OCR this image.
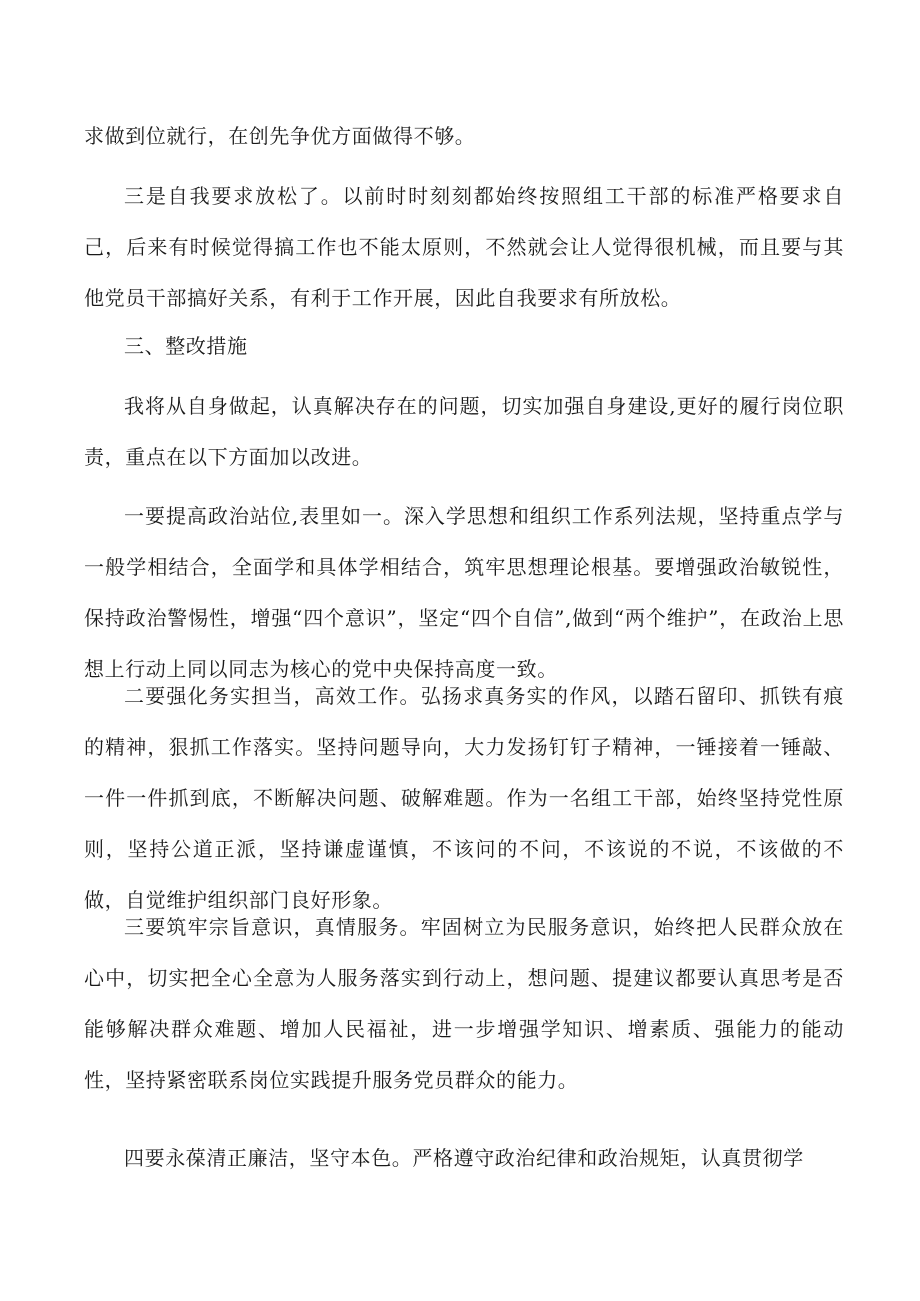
求做到位就行，在创先争优方面做得不够。

三是自我要求放松了。以前时时刻刻都始终按照组工干部的标准严格要求自己，后来有时候觉得搞工作也不能太原则，不然就会让人觉得很机械，而且要与其他党员干部搞好关系，有利于工作开展，因此自我要求有所放松。

三、整改措施

我将从自身做起，认真解决存在的问题，切实加强自身建设,更好的履行岗位职责，重点在以下方面加以改进。

一要提高政治站位,表里如一。深入学思想和组织工作系列法规，坚持重点学与一般学相结合，全面学和具体学相结合，筑牢思想理论根基。要增强政治敏锐性，保持政治警惕性，增强“四个意识”，坚定“四个自信”,做到“两个维护”，在政治上思想上行动上同以同志为核心的党中央保持高度一致。

二要强化务实担当，高效工作。弘扬求真务实的作风，以踏石留印、抓铁有痕的精神，狠抓工作落实。坚持问题导向，大力发扬钉钉子精神，一锤接着一锤敲、一件一件抓到底，不断解决问题、破解难题。作为一名组工干部，始终坚持党性原则，坚持公道正派，坚持谦虚谨慎，不该问的不问，不该说的不说，不该做的不做，自觉维护组织部门良好形象。

三要筑牢宗旨意识，真情服务。牢固树立为民服务意识，始终把人民群众放在心中，切实把全心全意为人服务落实到行动上，想问题、提建议都要认真思考是否能够解决群众难题、增加人民福祉，进一步增强学知识、增素质、强能力的能动性，坚持紧密联系岗位实践提升服务党员群众的能力。

四要永葆清正廉洁，坚守本色。严格遵守政治纪律和政治规矩，认真贯彻学
